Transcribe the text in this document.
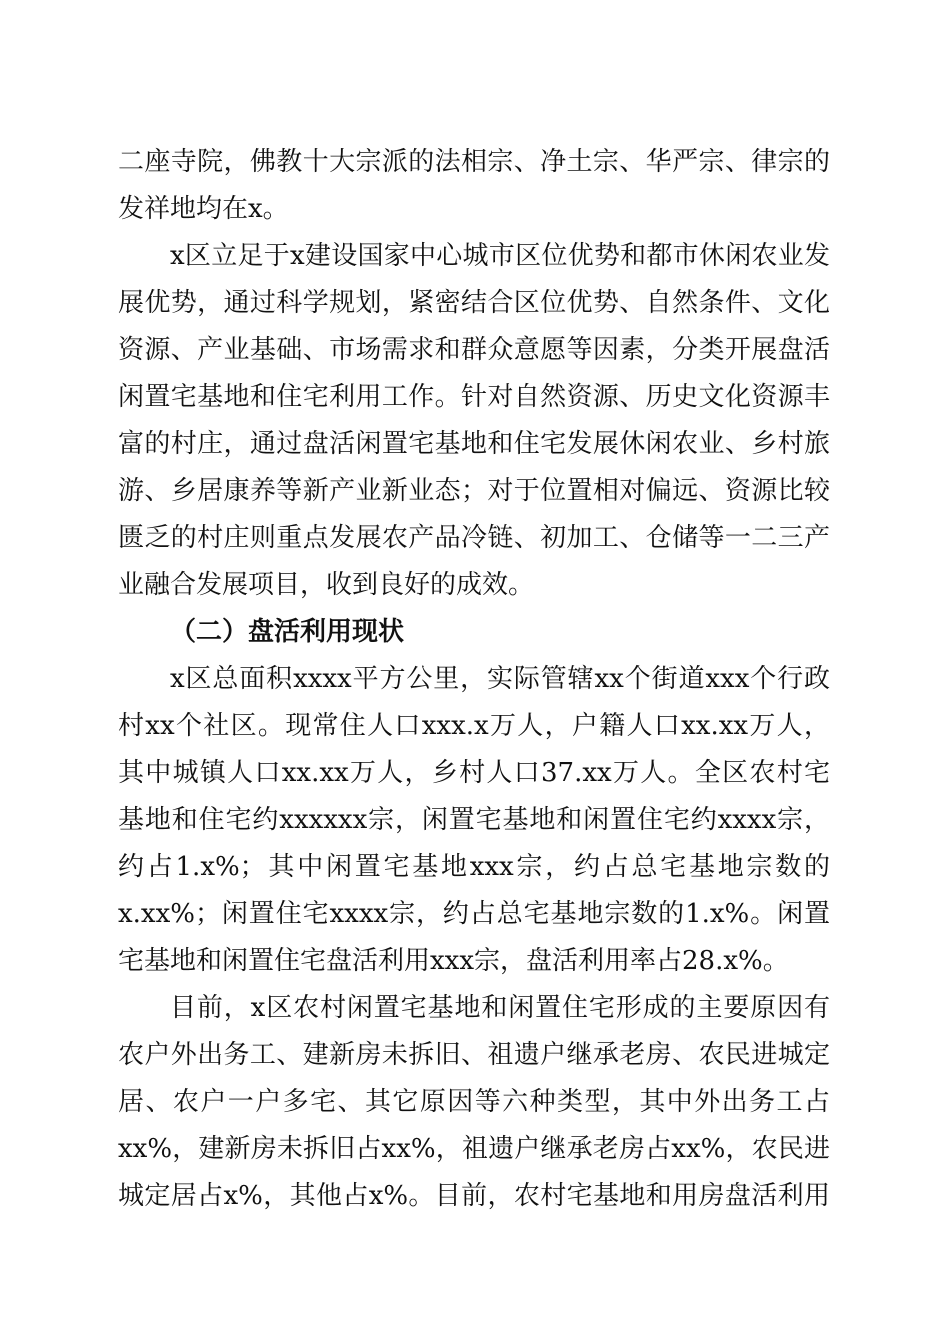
二座寺院，佛教十大宗派的法相宗、净土宗、华严宗、律宗的
发祥地均在x。
x区立足于x建设国家中心城市区位优势和都市休闲农业发
展优势，通过科学规划，紧密结合区位优势、自然条件、文化
资源、产业基础、市场需求和群众意愿等因素，分类开展盘活
闲置宅基地和住宅利用工作。针对自然资源、历史文化资源丰
富的村庄，通过盘活闲置宅基地和住宅发展休闲农业、乡村旅
游、乡居康养等新产业新业态；对于位置相对偏远、资源比较
匮乏的村庄则重点发展农产品冷链、初加工、仓储等一二三产
业融合发展项目，收到良好的成效。
（二）盘活利用现状
x区总面积xxxx平方公里，实际管辖xx个街道xxx个行政
村xx个社区。现常住人口xxx.x万人，户籍人口xx.xx万人，
其中城镇人口xx.xx万人，乡村人口37.xx万人。全区农村宅
基地和住宅约xxxxxx宗，闲置宅基地和闲置住宅约xxxx宗，
约占1.x%；其中闲置宅基地xxx宗，约占总宅基地宗数的
x.xx%；闲置住宅xxxx宗，约占总宅基地宗数的1.x%。闲置
宅基地和闲置住宅盘活利用xxx宗，盘活利用率占28.x%。
目前，x区农村闲置宅基地和闲置住宅形成的主要原因有
农户外出务工、建新房未拆旧、祖遗户继承老房、农民进城定
居、农户一户多宅、其它原因等六种类型，其中外出务工占
xx%，建新房未拆旧占xx%，祖遗户继承老房占xx%，农民进
城定居占x%，其他占x%。目前，农村宅基地和用房盘活利用
